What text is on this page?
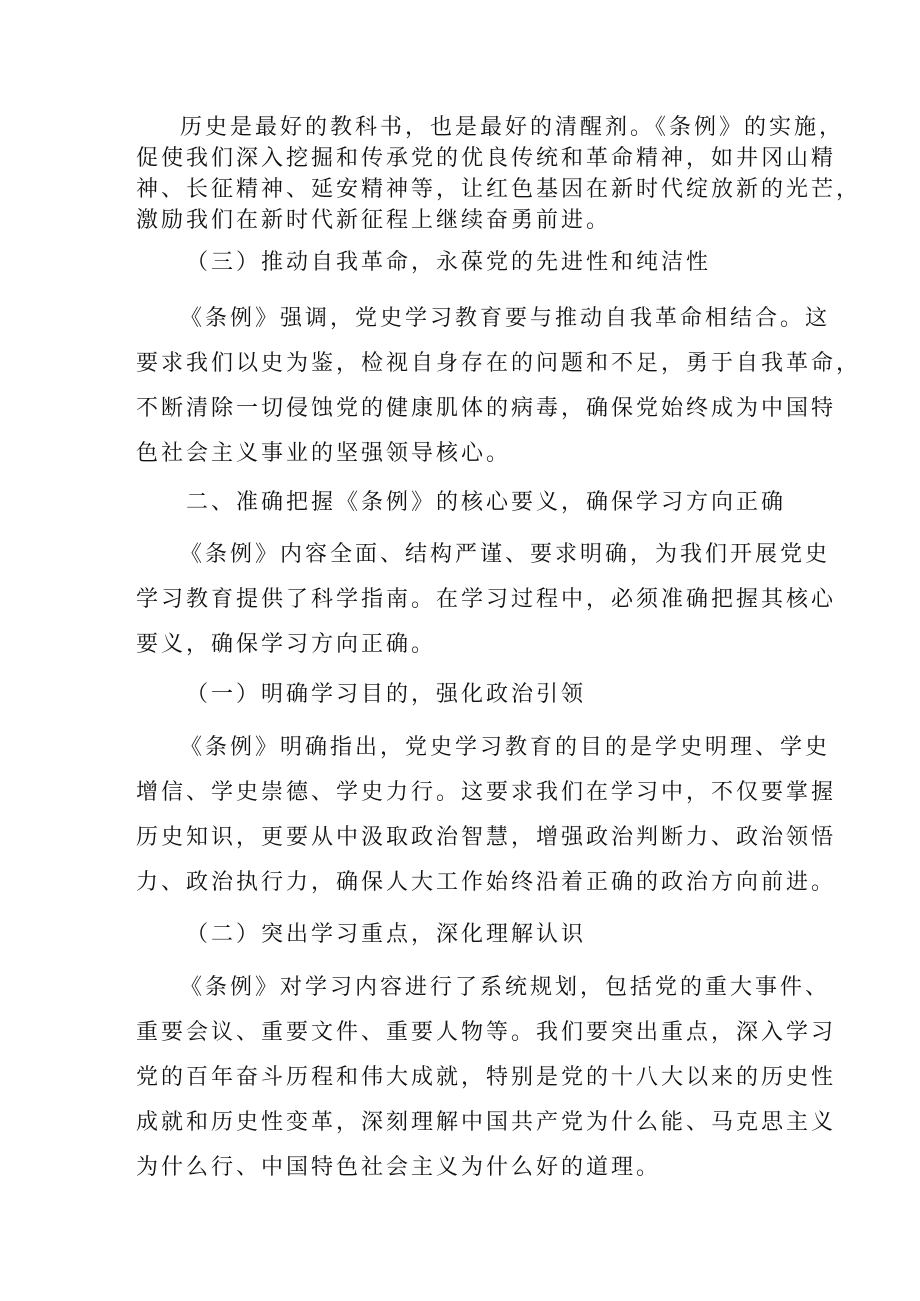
历史是最好的教科书，也是最好的清醒剂。《条例》的实施，
促使我们深入挖掘和传承党的优良传统和革命精神，如井冈山精
神、长征精神、延安精神等，让红色基因在新时代绽放新的光芒，
激励我们在新时代新征程上继续奋勇前进。
（三）推动自我革命，永葆党的先进性和纯洁性
《条例》强调，党史学习教育要与推动自我革命相结合。这
要求我们以史为鉴，检视自身存在的问题和不足，勇于自我革命，
不断清除一切侵蚀党的健康肌体的病毒，确保党始终成为中国特
色社会主义事业的坚强领导核心。
二、准确把握《条例》的核心要义，确保学习方向正确
《条例》内容全面、结构严谨、要求明确，为我们开展党史
学习教育提供了科学指南。在学习过程中，必须准确把握其核心
要义，确保学习方向正确。
（一）明确学习目的，强化政治引领
《条例》明确指出，党史学习教育的目的是学史明理、学史
增信、学史崇德、学史力行。这要求我们在学习中，不仅要掌握
历史知识，更要从中汲取政治智慧，增强政治判断力、政治领悟
力、政治执行力，确保人大工作始终沿着正确的政治方向前进。
（二）突出学习重点，深化理解认识
《条例》对学习内容进行了系统规划，包括党的重大事件、
重要会议、重要文件、重要人物等。我们要突出重点，深入学习
党的百年奋斗历程和伟大成就，特别是党的十八大以来的历史性
成就和历史性变革，深刻理解中国共产党为什么能、马克思主义
为什么行、中国特色社会主义为什么好的道理。
